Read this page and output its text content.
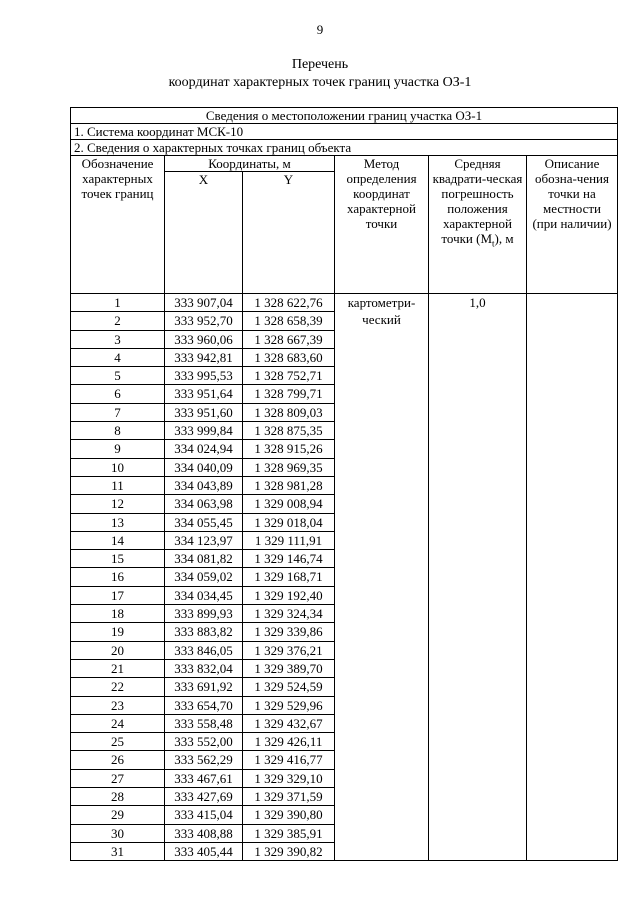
9
Перечень
координат характерных точек границ участка ОЗ-1
Сведения о местоположении границ участка ОЗ-1					
1. Система координат МСК-10					
2. Сведения о характерных точках границ объекта					
Обозначение характерных точек границ	Координаты, м		Метод определения координат характерной точки	Средняя квадрати-ческая погрешность положения характерной точки $(M_t)$, м	Описание обозна-чения точки на местности (при наличии)
	X	Y			
1	333 907,04	1 328 622,76	картометри-ческий	1,0	
2	333 952,70	1 328 658,39			
3	333 960,06	1 328 667,39			
4	333 942,81	1 328 683,60			
5	333 995,53	1 328 752,71			
6	333 951,64	1 328 799,71			
7	333 951,60	1 328 809,03			
8	333 999,84	1 328 875,35			
9	334 024,94	1 328 915,26			
10	334 040,09	1 328 969,35			
11	334 043,89	1 328 981,28			
12	334 063,98	1 329 008,94			
13	334 055,45	1 329 018,04			
14	334 123,97	1 329 111,91			
15	334 081,82	1 329 146,74			
16	334 059,02	1 329 168,71			
17	334 034,45	1 329 192,40			
18	333 899,93	1 329 324,34			
19	333 883,82	1 329 339,86			
20	333 846,05	1 329 376,21			
21	333 832,04	1 329 389,70			
22	333 691,92	1 329 524,59			
23	333 654,70	1 329 529,96			
24	333 558,48	1 329 432,67			
25	333 552,00	1 329 426,11			
26	333 562,29	1 329 416,77			
27	333 467,61	1 329 329,10			
28	333 427,69	1 329 371,59			
29	333 415,04	1 329 390,80			
30	333 408,88	1 329 385,91			
31	333 405,44	1 329 390,82			
